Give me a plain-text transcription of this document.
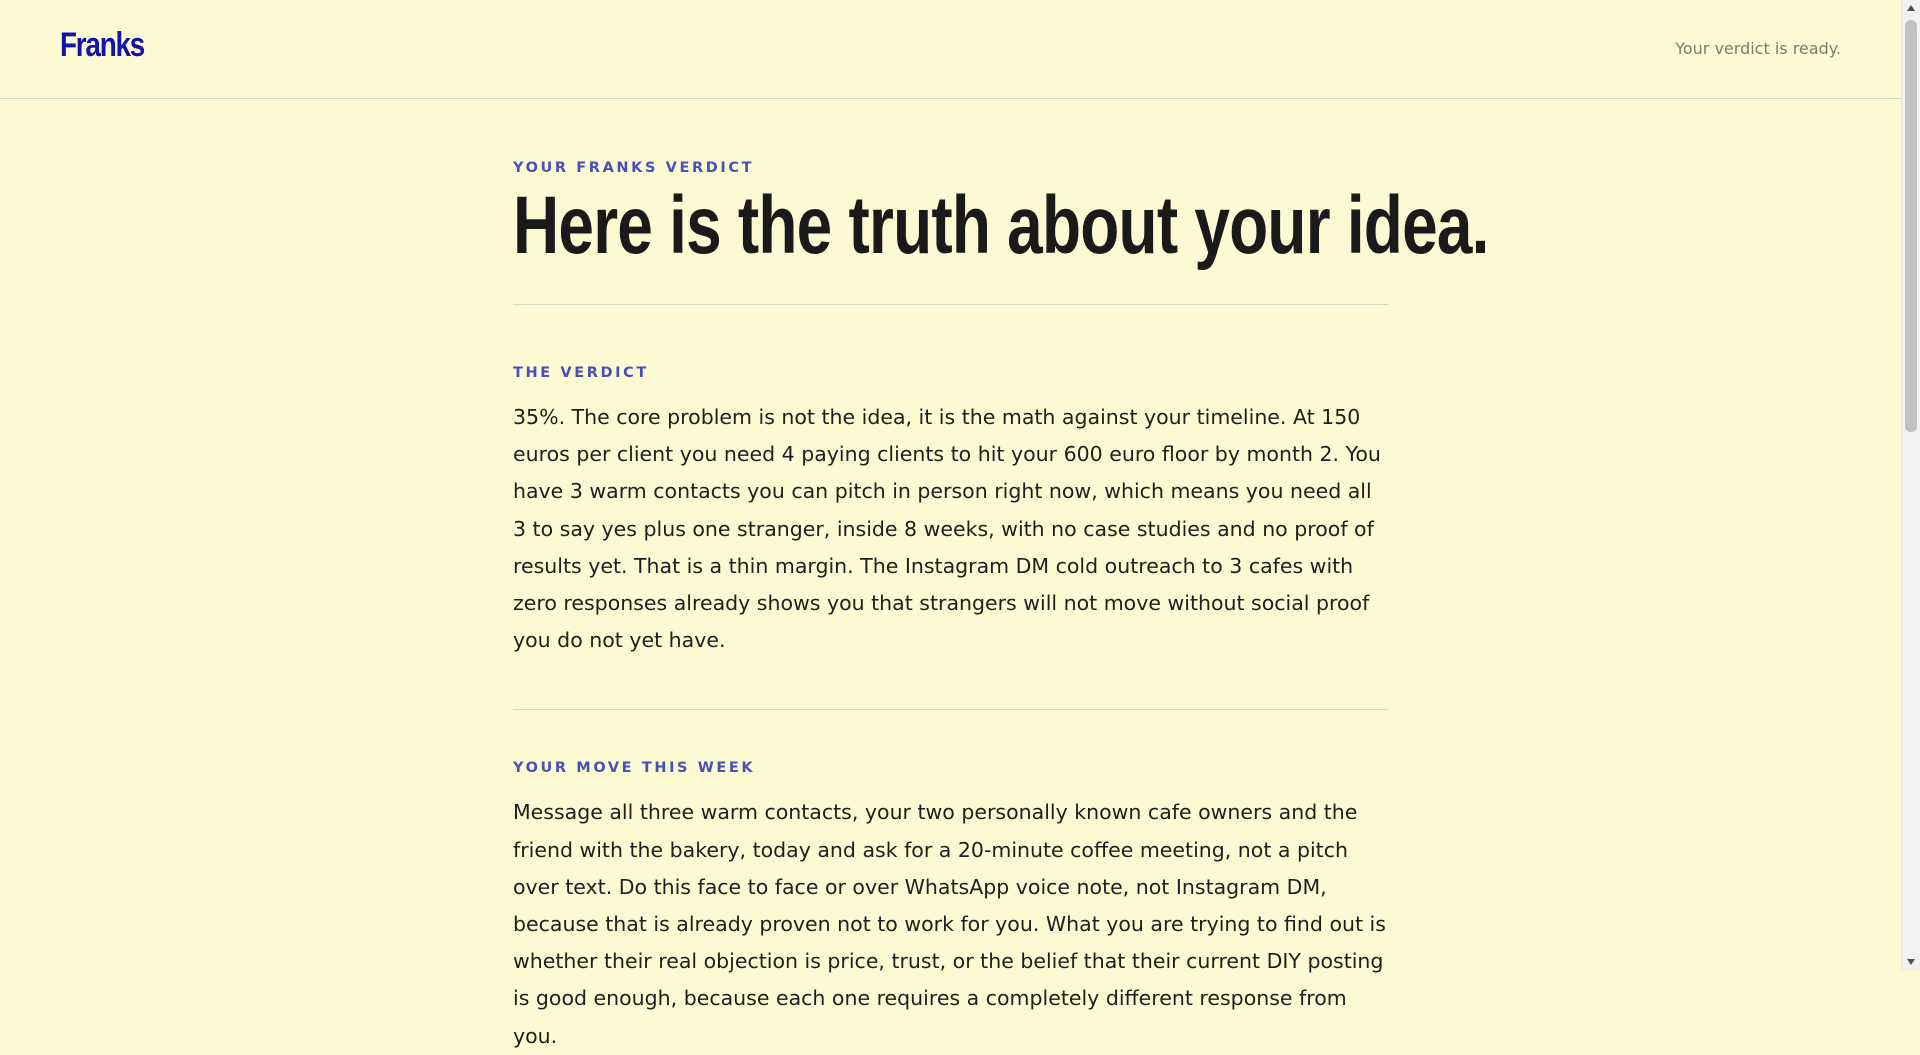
Franks	Your verdict is ready.

YOUR FRANKS VERDICT

Here is the truth about your idea.

THE VERDICT

35%. The core problem is not the idea, it is the math against your timeline. At 150 euros per client you need 4 paying clients to hit your 600 euro floor by month 2. You have 3 warm contacts you can pitch in person right now, which means you need all 3 to say yes plus one stranger, inside 8 weeks, with no case studies and no proof of results yet. That is a thin margin. The Instagram DM cold outreach to 3 cafes with zero responses already shows you that strangers will not move without social proof you do not yet have.

YOUR MOVE THIS WEEK

Message all three warm contacts, your two personally known cafe owners and the friend with the bakery, today and ask for a 20-minute coffee meeting, not a pitch over text. Do this face to face or over WhatsApp voice note, not Instagram DM, because that is already proven not to work for you. What you are trying to find out is whether their real objection is price, trust, or the belief that their current DIY posting is good enough, because each one requires a completely different response from you.
